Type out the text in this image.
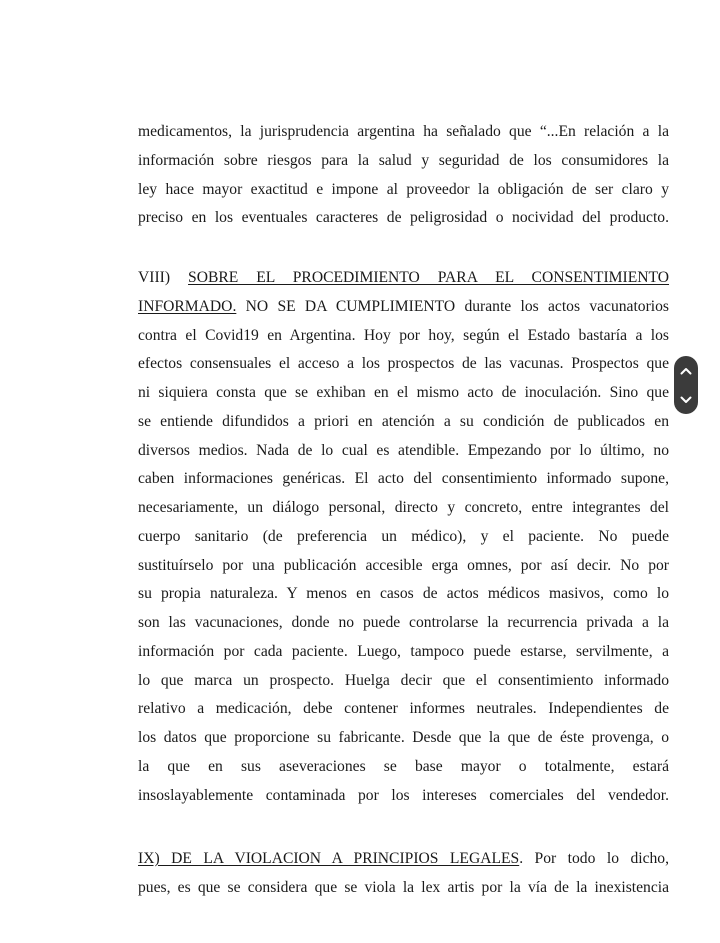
medicamentos, la jurisprudencia argentina ha señalado que “...En relación a la
información sobre riesgos para la salud y seguridad de los consumidores la
ley hace mayor exactitud e impone al proveedor la obligación de ser claro y
preciso en los eventuales caracteres de peligrosidad o nocividad del producto.
VIII) SOBRE EL PROCEDIMIENTO PARA EL CONSENTIMIENTO
INFORMADO. NO SE DA CUMPLIMIENTO durante los actos vacunatorios
contra el Covid19 en Argentina. Hoy por hoy, según el Estado bastaría a los
efectos consensuales el acceso a los prospectos de las vacunas. Prospectos que
ni siquiera consta que se exhiban en el mismo acto de inoculación. Sino que
se entiende difundidos a priori en atención a su condición de publicados en
diversos medios. Nada de lo cual es atendible. Empezando por lo último, no
caben informaciones genéricas. El acto del consentimiento informado supone,
necesariamente, un diálogo personal, directo y concreto, entre integrantes del
cuerpo sanitario (de preferencia un médico), y el paciente. No puede
sustituírselo por una publicación accesible erga omnes, por así decir. No por
su propia naturaleza. Y menos en casos de actos médicos masivos, como lo
son las vacunaciones, donde no puede controlarse la recurrencia privada a la
información por cada paciente. Luego, tampoco puede estarse, servilmente, a
lo que marca un prospecto. Huelga decir que el consentimiento informado
relativo a medicación, debe contener informes neutrales. Independientes de
los datos que proporcione su fabricante. Desde que la que de éste provenga, o
la que en sus aseveraciones se base mayor o totalmente, estará
insoslayablemente contaminada por los intereses comerciales del vendedor.
IX) DE LA VIOLACION A PRINCIPIOS LEGALES. Por todo lo dicho,
pues, es que se considera que se viola la lex artis por la vía de la inexistencia
